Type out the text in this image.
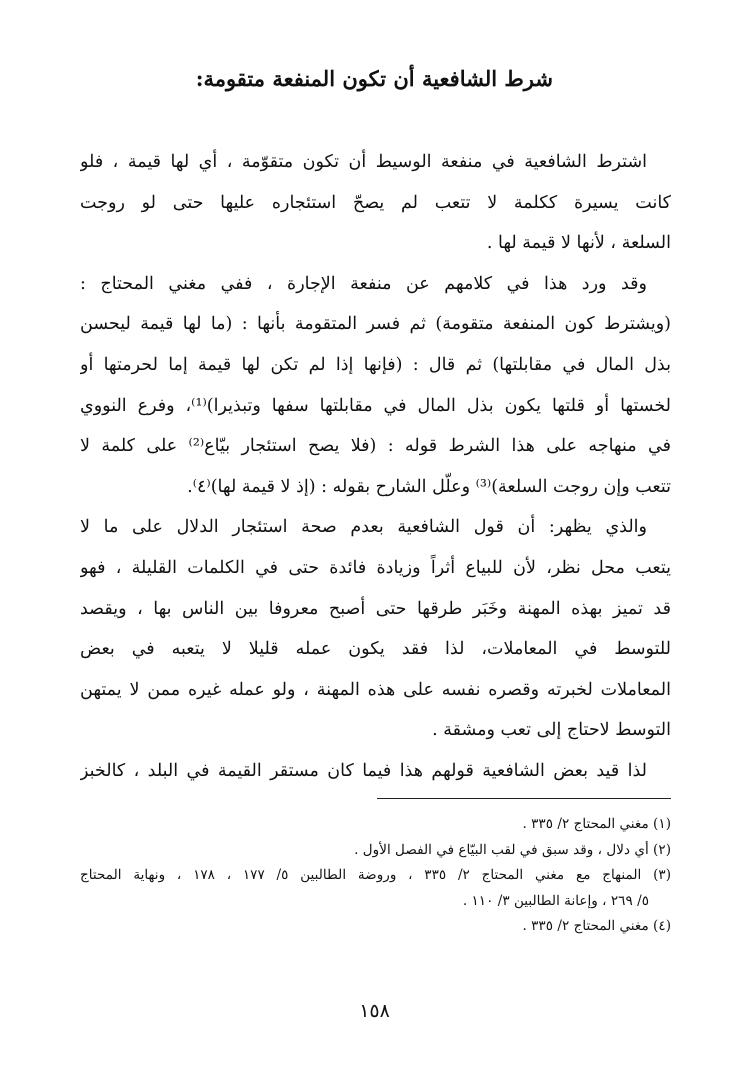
شرط الشافعية أن تكون المنفعة متقومة:
اشترط الشافعية في منفعة الوسيط أن تكون متقوّمة ، أي لها قيمة ، فلو
كانت يسيرة ككلمة لا تتعب لم يصحّ استئجاره عليها حتى لو روجت
السلعة ، لأنها لا قيمة لها .
وقد ورد هذا في كلامهم عن منفعة الإجارة ، ففي مغني المحتاج :
(ويشترط كون المنفعة متقومة) ثم فسر المتقومة بأنها : (ما لها قيمة ليحسن
بذل المال في مقابلتها) ثم قال : (فإنها إذا لم تكن لها قيمة إما لحرمتها أو
لخستها أو قلتها يكون بذل المال في مقابلتها سفها وتبذيرا)⁽¹⁾، وفرع النووي
في منهاجه على هذا الشرط قوله : (فلا يصح استئجار بيّاع⁽²⁾ على كلمة لا
تتعب وإن روجت السلعة)⁽³⁾ وعلّل الشارح بقوله : (إذ لا قيمة لها)⁽٤⁾.
والذي يظهر: أن قول الشافعية بعدم صحة استئجار الدلال على ما لا
يتعب محل نظر، لأن للبياع أثراً وزيادة فائدة حتى في الكلمات القليلة ، فهو
قد تميز بهذه المهنة وخَبَر طرقها حتى أصبح معروفا بين الناس بها ، ويقصد
للتوسط في المعاملات، لذا فقد يكون عمله قليلا لا يتعبه في بعض
المعاملات لخبرته وقصره نفسه على هذه المهنة ، ولو عمله غيره ممن لا يمتهن
التوسط لاحتاج إلى تعب ومشقة .
لذا قيد بعض الشافعية قولهم هذا فيما كان مستقر القيمة في البلد ، كالخبز
(١) مغني المحتاج ٢/ ٣٣٥ .
(٢) أي دلال ، وقد سبق في لقب البيّاع في الفصل الأول .
(٣) المنهاج مع مغني المحتاج ٢/ ٣٣٥ ، وروضة الطالبين ٥/ ١٧٧ ، ١٧٨ ، ونهاية المحتاج
٥/ ٢٦٩ ، وإعانة الطالبين ٣/ ١١٠ .
(٤) مغني المحتاج ٢/ ٣٣٥ .
١٥٨
